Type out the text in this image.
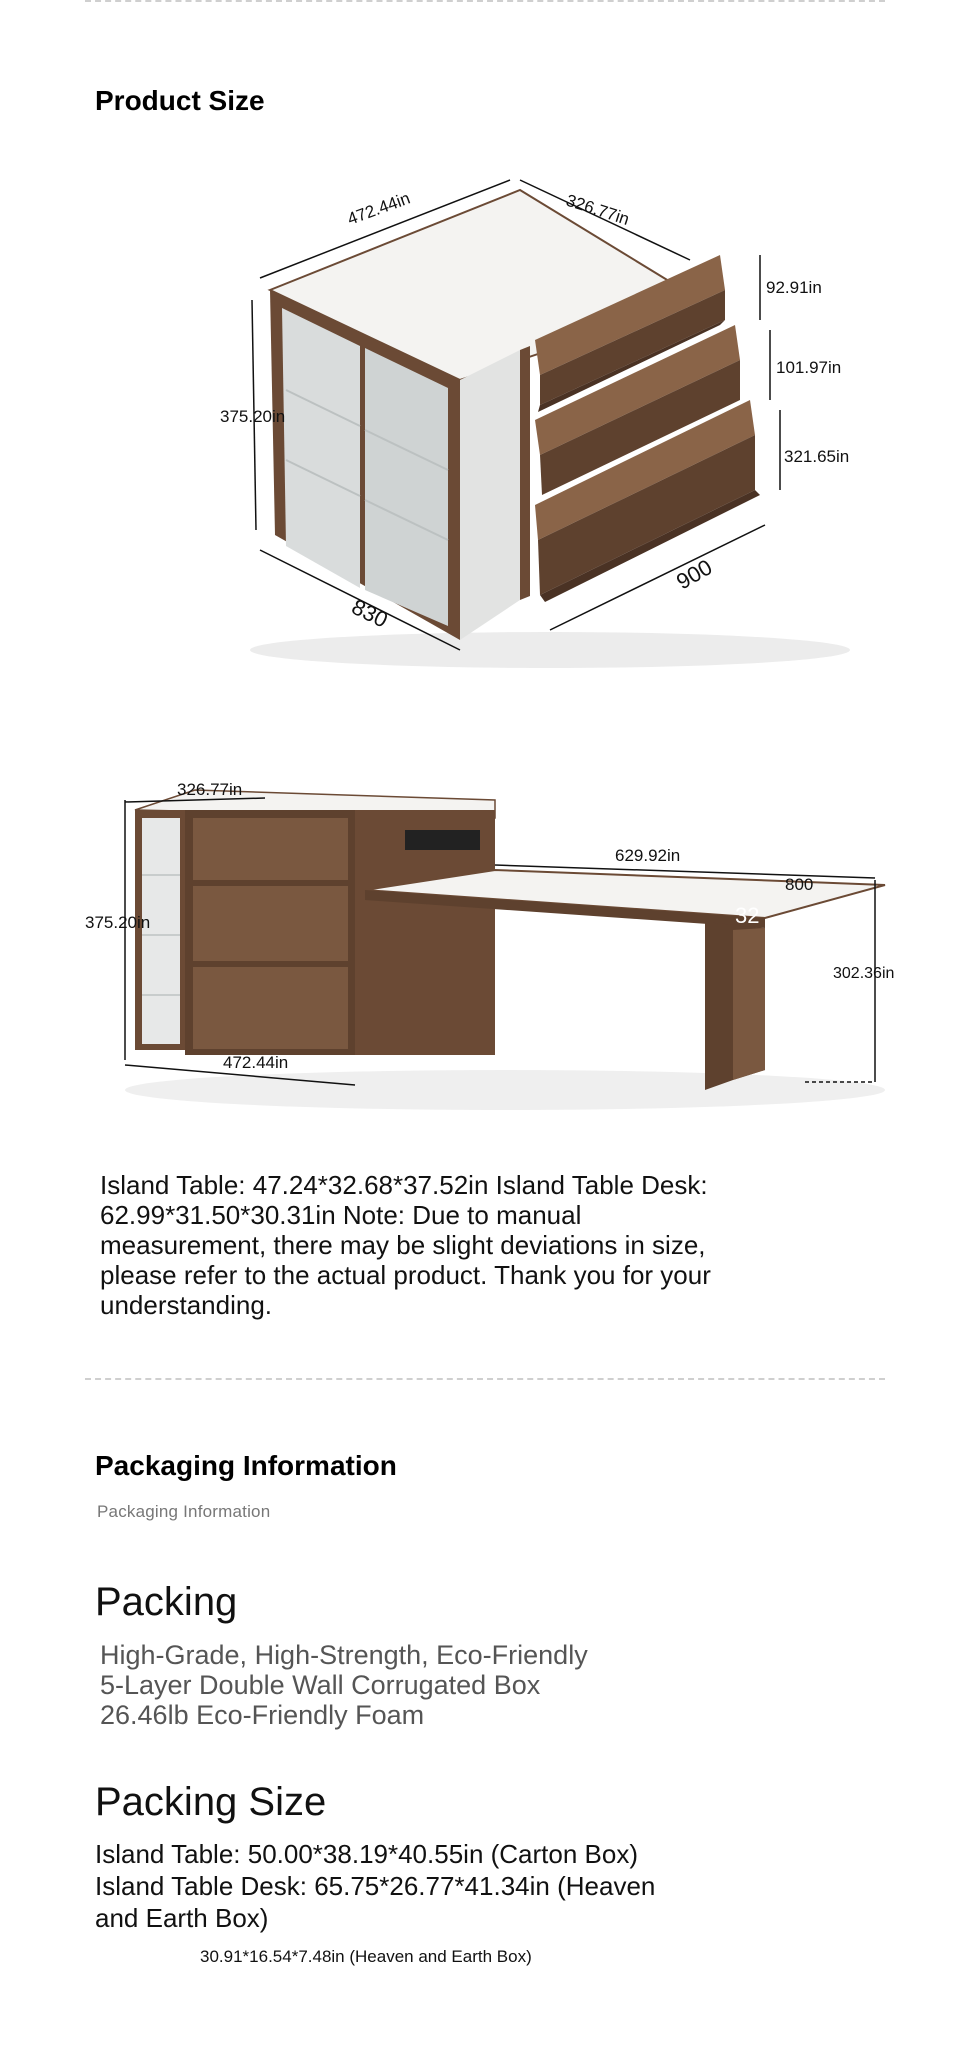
Product Size
472.44in	326.77in
92.91in
101.97in
321.65in
375.20in
830
900
326.77in
375.20in
472.44in
629.92in
800
32
302.36in
Island Table: 47.24*32.68*37.52in Island Table Desk: 62.99*31.50*30.31in Note: Due to manual measurement, there may be slight deviations in size, please refer to the actual product. Thank you for your understanding.
Packaging Information
Packaging Information
Packing
High-Grade, High-Strength, Eco-Friendly
5-Layer Double Wall Corrugated Box
26.46lb Eco-Friendly Foam
Packing Size
Island Table: 50.00*38.19*40.55in (Carton Box) Island Table Desk: 65.75*26.77*41.34in (Heaven and Earth Box)
30.91*16.54*7.48in (Heaven and Earth Box)
